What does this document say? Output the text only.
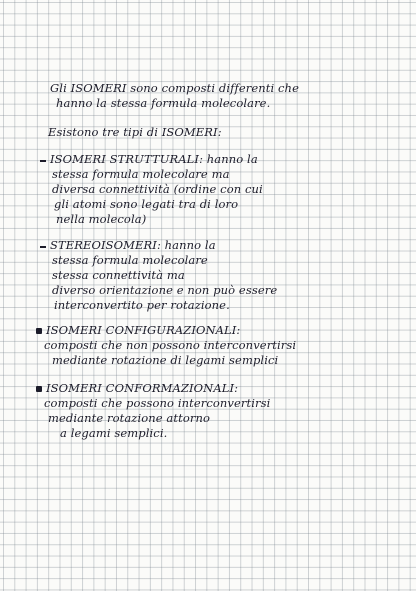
Gli ISOMERI sono composti differenti che
hanno la stessa formula molecolare.
Esistono tre tipi di ISOMERI:
ISOMERI STRUTTURALI: hanno la
stessa formula molecolare ma
diversa connettività (ordine con cui
gli atomi sono legati tra di loro
nella molecola)
STEREOISOMERI: hanno la
stessa formula molecolare
stessa connettività ma
diverso orientazione e non può essere
interconvertito per rotazione.
ISOMERI CONFIGURAZIONALI:
composti che non possono interconvertirsi
mediante rotazione di legami semplici
ISOMERI CONFORMAZIONALI:
composti che possono interconvertirsi
mediante rotazione attorno
a legami semplici.
